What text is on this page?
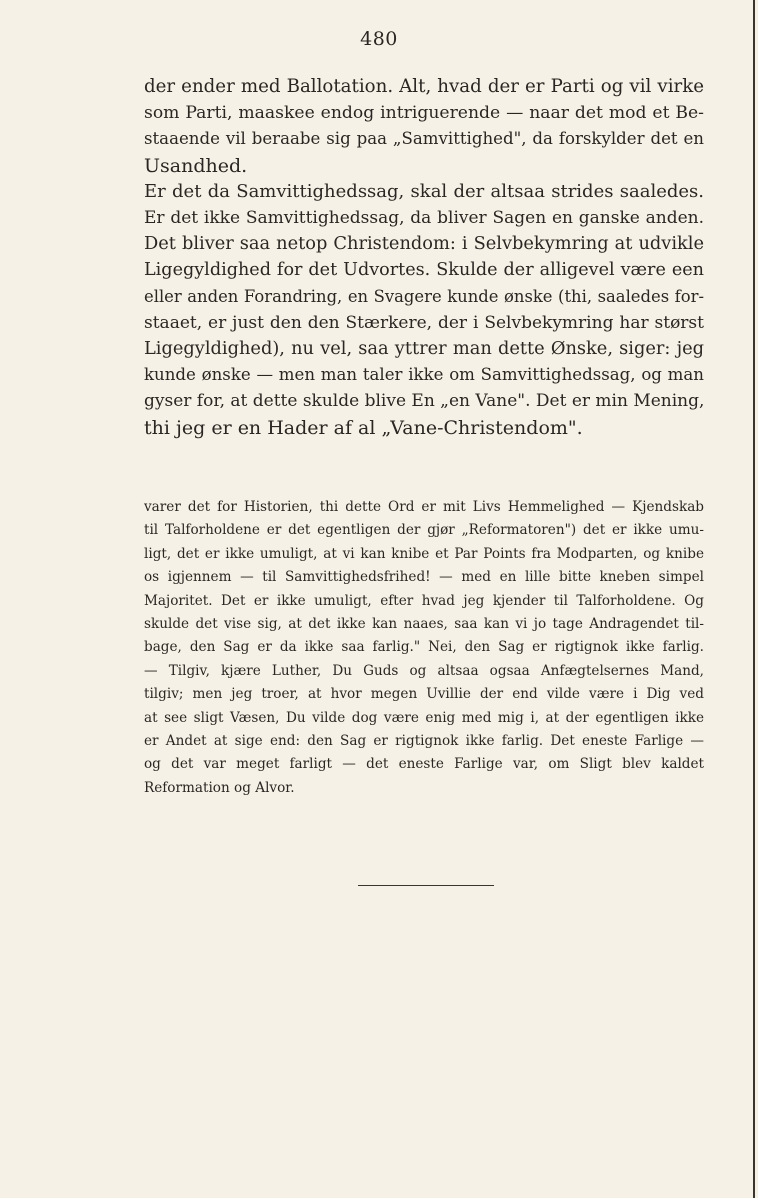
480
der ender med Ballotation. Alt, hvad der er Parti og vil virke
som Parti, maaskee endog intriguerende — naar det mod et Be-
staaende vil beraabe sig paa „Samvittighed", da forskylder det en
Usandhed.
Er det da Samvittighedssag, skal der altsaa strides saaledes.
Er det ikke Samvittighedssag, da bliver Sagen en ganske anden.
Det bliver saa netop Christendom: i Selvbekymring at udvikle
Ligegyldighed for det Udvortes. Skulde der alligevel være een
eller anden Forandring, en Svagere kunde ønske (thi, saaledes for-
staaet, er just den den Stærkere, der i Selvbekymring har størst
Ligegyldighed), nu vel, saa yttrer man dette Ønske, siger: jeg
kunde ønske — men man taler ikke om Samvittighedssag, og man
gyser for, at dette skulde blive En „en Vane". Det er min Mening,
thi jeg er en Hader af al „Vane-Christendom".
varer det for Historien, thi dette Ord er mit Livs Hemmelighed — Kjendskab
til Talforholdene er det egentligen der gjør „Reformatoren") det er ikke umu-
ligt, det er ikke umuligt, at vi kan knibe et Par Points fra Modparten, og knibe
os igjennem — til Samvittighedsfrihed! — med en lille bitte kneben simpel
Majoritet. Det er ikke umuligt, efter hvad jeg kjender til Talforholdene. Og
skulde det vise sig, at det ikke kan naaes, saa kan vi jo tage Andragendet til-
bage, den Sag er da ikke saa farlig." Nei, den Sag er rigtignok ikke farlig.
— Tilgiv, kjære Luther, Du Guds og altsaa ogsaa Anfægtelsernes Mand,
tilgiv; men jeg troer, at hvor megen Uvillie der end vilde være i Dig ved
at see sligt Væsen, Du vilde dog være enig med mig i, at der egentligen ikke
er Andet at sige end: den Sag er rigtignok ikke farlig. Det eneste Farlige —
og det var meget farligt — det eneste Farlige var, om Sligt blev kaldet
Reformation og Alvor.
